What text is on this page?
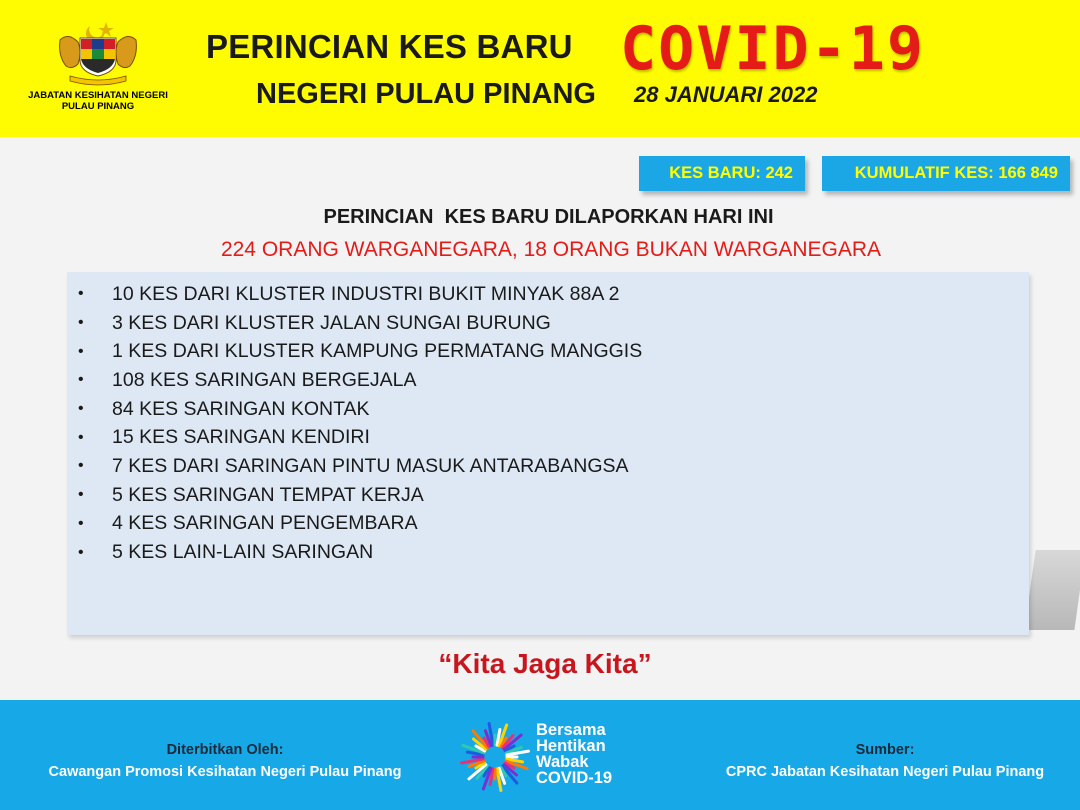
JABATAN KESIHATAN NEGERI
PULAU PINANG
PERINCIAN KES BARU
NEGERI PULAU PINANG
COVID-19
28 JANUARI 2022
KES BARU: 242	KUMULATIF KES: 166 849
PERINCIAN  KES BARU DILAPORKAN HARI INI
224 ORANG WARGANEGARA, 18 ORANG BUKAN WARGANEGARA
•	10 KES DARI KLUSTER INDUSTRI BUKIT MINYAK 88A 2
•	3 KES DARI KLUSTER JALAN SUNGAI BURUNG
•	1 KES DARI KLUSTER KAMPUNG PERMATANG MANGGIS
•	108 KES SARINGAN BERGEJALA
•	84 KES SARINGAN KONTAK
•	15 KES SARINGAN KENDIRI
•	7 KES DARI SARINGAN PINTU MASUK ANTARABANGSA
•	5 KES SARINGAN TEMPAT KERJA
•	4 KES SARINGAN PENGEMBARA
•	5 KES LAIN-LAIN SARINGAN
“Kita Jaga Kita”
Diterbitkan Oleh:
Cawangan Promosi Kesihatan Negeri Pulau Pinang
Bersama
Hentikan
Wabak
COVID-19
Sumber:
CPRC Jabatan Kesihatan Negeri Pulau Pinang
